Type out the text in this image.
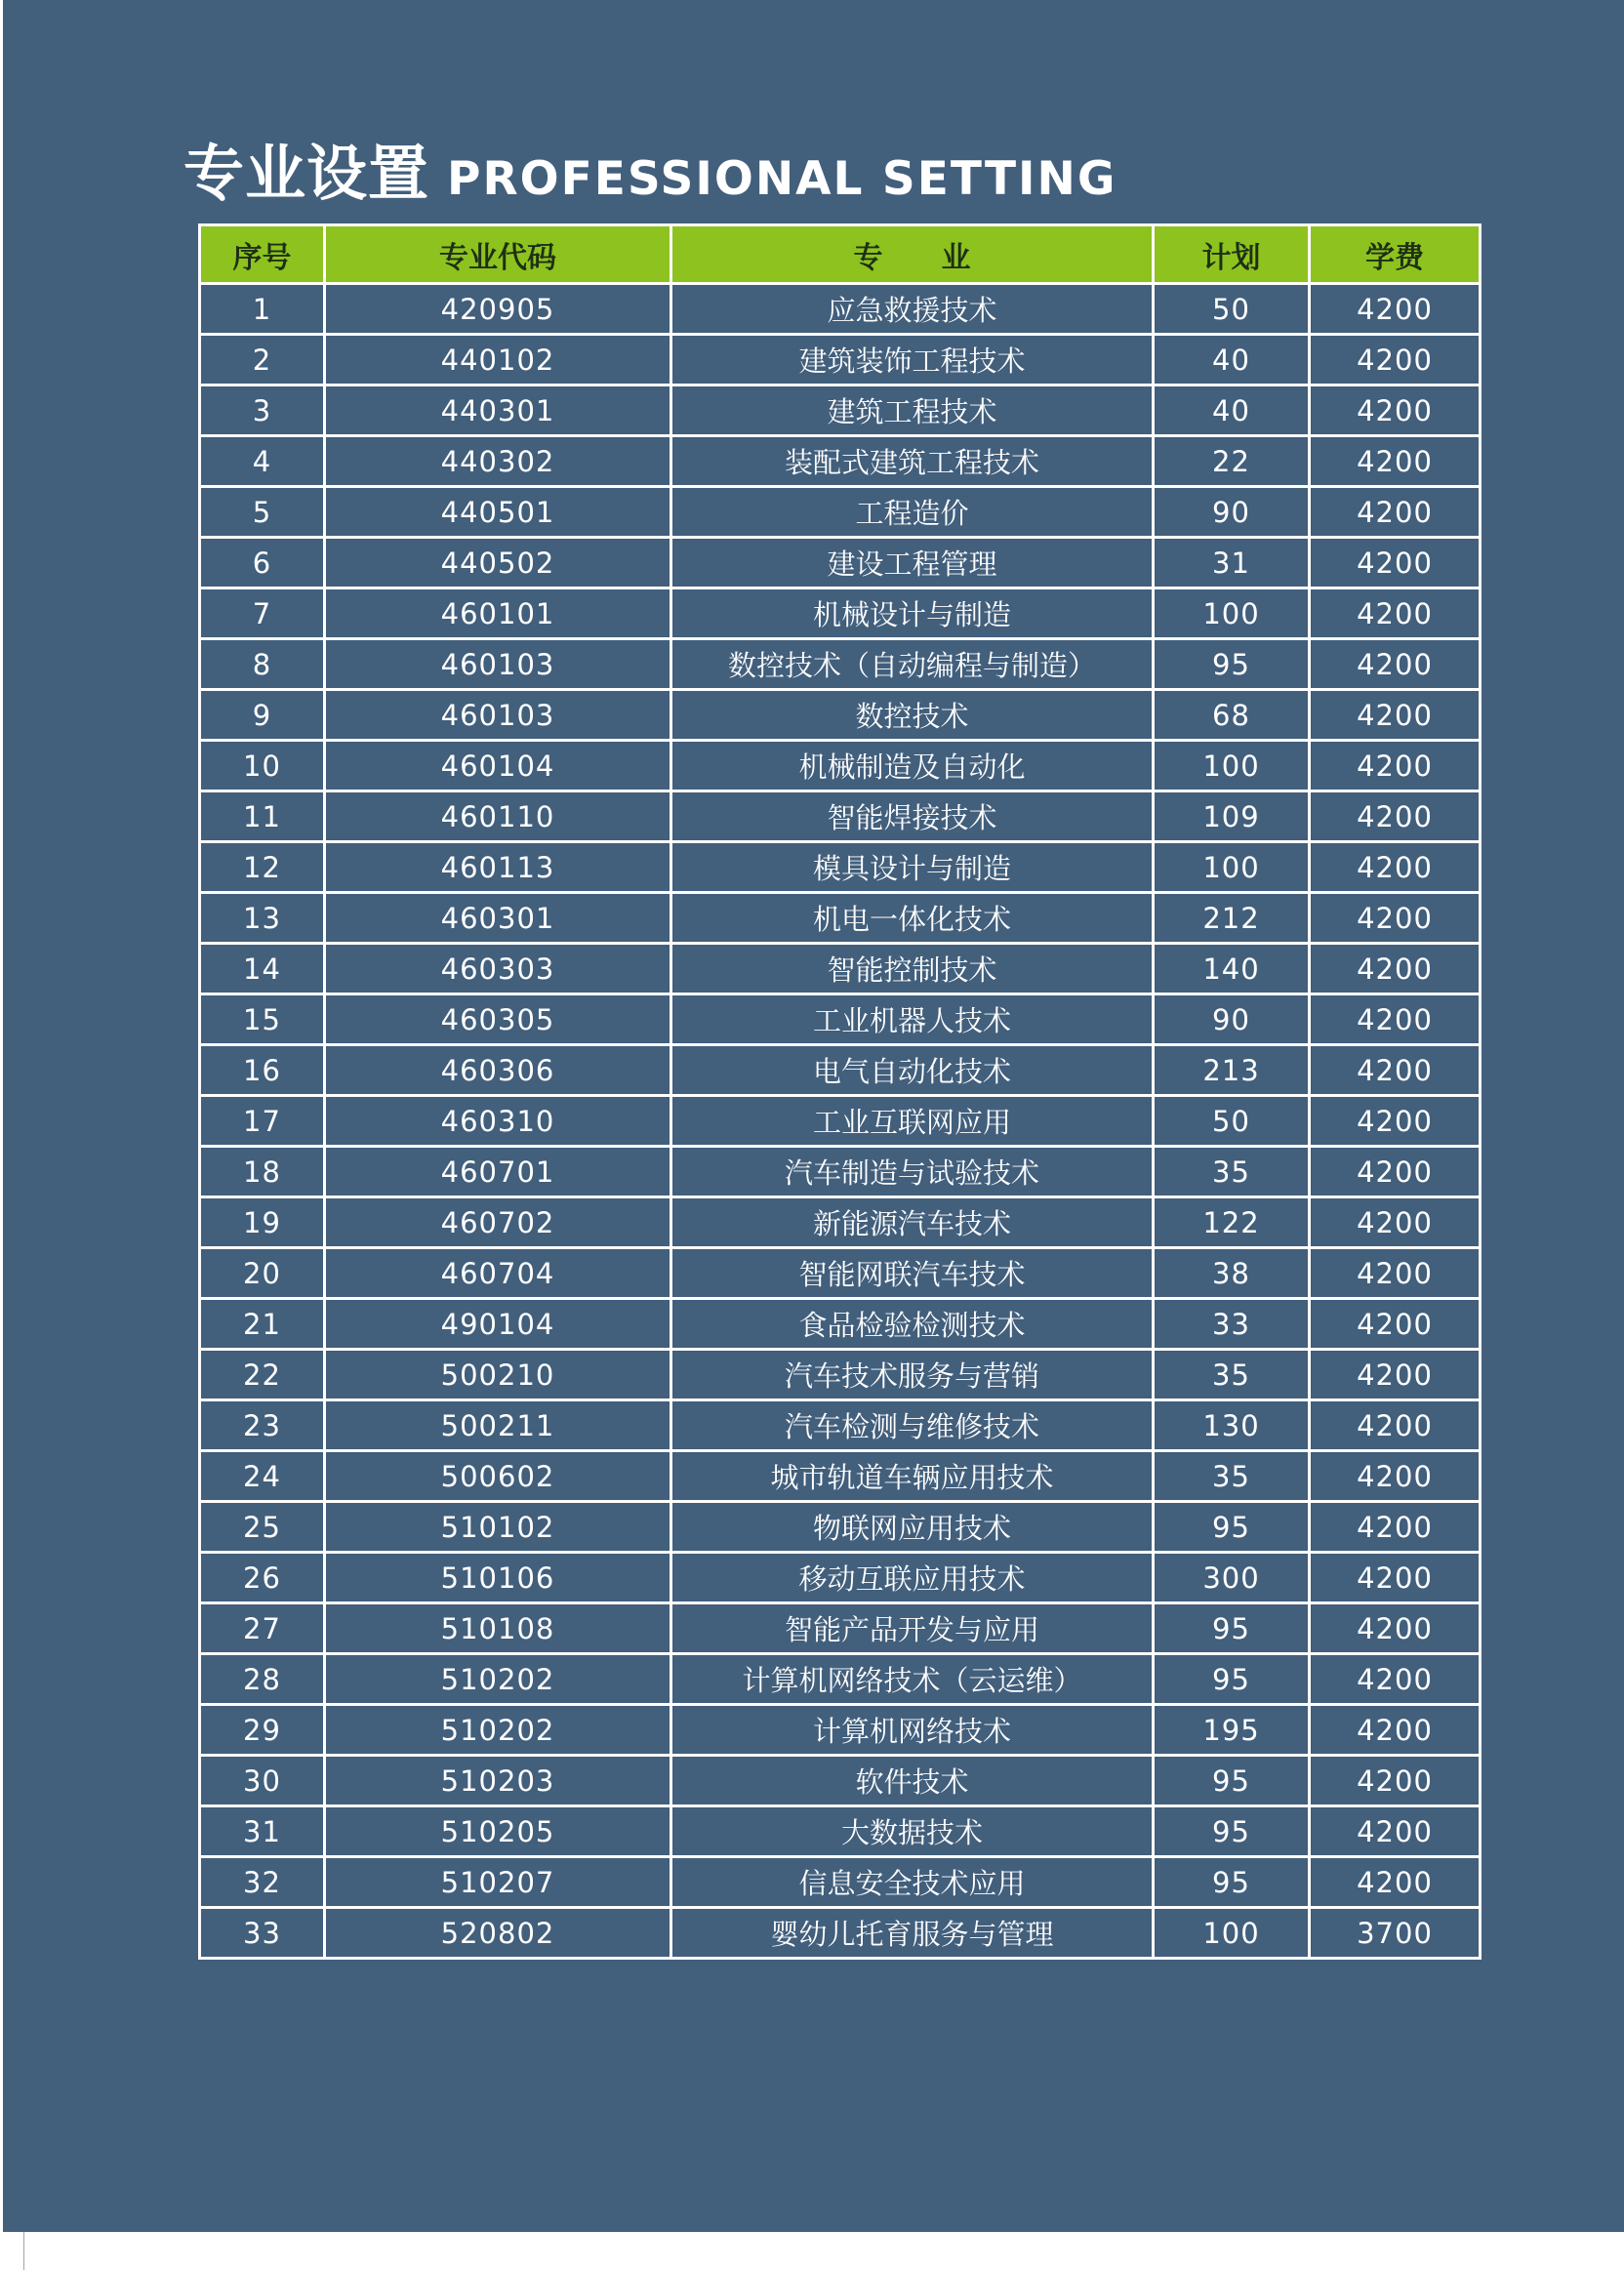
专业设置 PROFESSIONAL SETTING
序号	专业代码	专　　业	计划	学费
1	420905	应急救援技术	50	4200
2	440102	建筑装饰工程技术	40	4200
3	440301	建筑工程技术	40	4200
4	440302	装配式建筑工程技术	22	4200
5	440501	工程造价	90	4200
6	440502	建设工程管理	31	4200
7	460101	机械设计与制造	100	4200
8	460103	数控技术（自动编程与制造）	95	4200
9	460103	数控技术	68	4200
10	460104	机械制造及自动化	100	4200
11	460110	智能焊接技术	109	4200
12	460113	模具设计与制造	100	4200
13	460301	机电一体化技术	212	4200
14	460303	智能控制技术	140	4200
15	460305	工业机器人技术	90	4200
16	460306	电气自动化技术	213	4200
17	460310	工业互联网应用	50	4200
18	460701	汽车制造与试验技术	35	4200
19	460702	新能源汽车技术	122	4200
20	460704	智能网联汽车技术	38	4200
21	490104	食品检验检测技术	33	4200
22	500210	汽车技术服务与营销	35	4200
23	500211	汽车检测与维修技术	130	4200
24	500602	城市轨道车辆应用技术	35	4200
25	510102	物联网应用技术	95	4200
26	510106	移动互联应用技术	300	4200
27	510108	智能产品开发与应用	95	4200
28	510202	计算机网络技术（云运维）	95	4200
29	510202	计算机网络技术	195	4200
30	510203	软件技术	95	4200
31	510205	大数据技术	95	4200
32	510207	信息安全技术应用	95	4200
33	520802	婴幼儿托育服务与管理	100	3700
